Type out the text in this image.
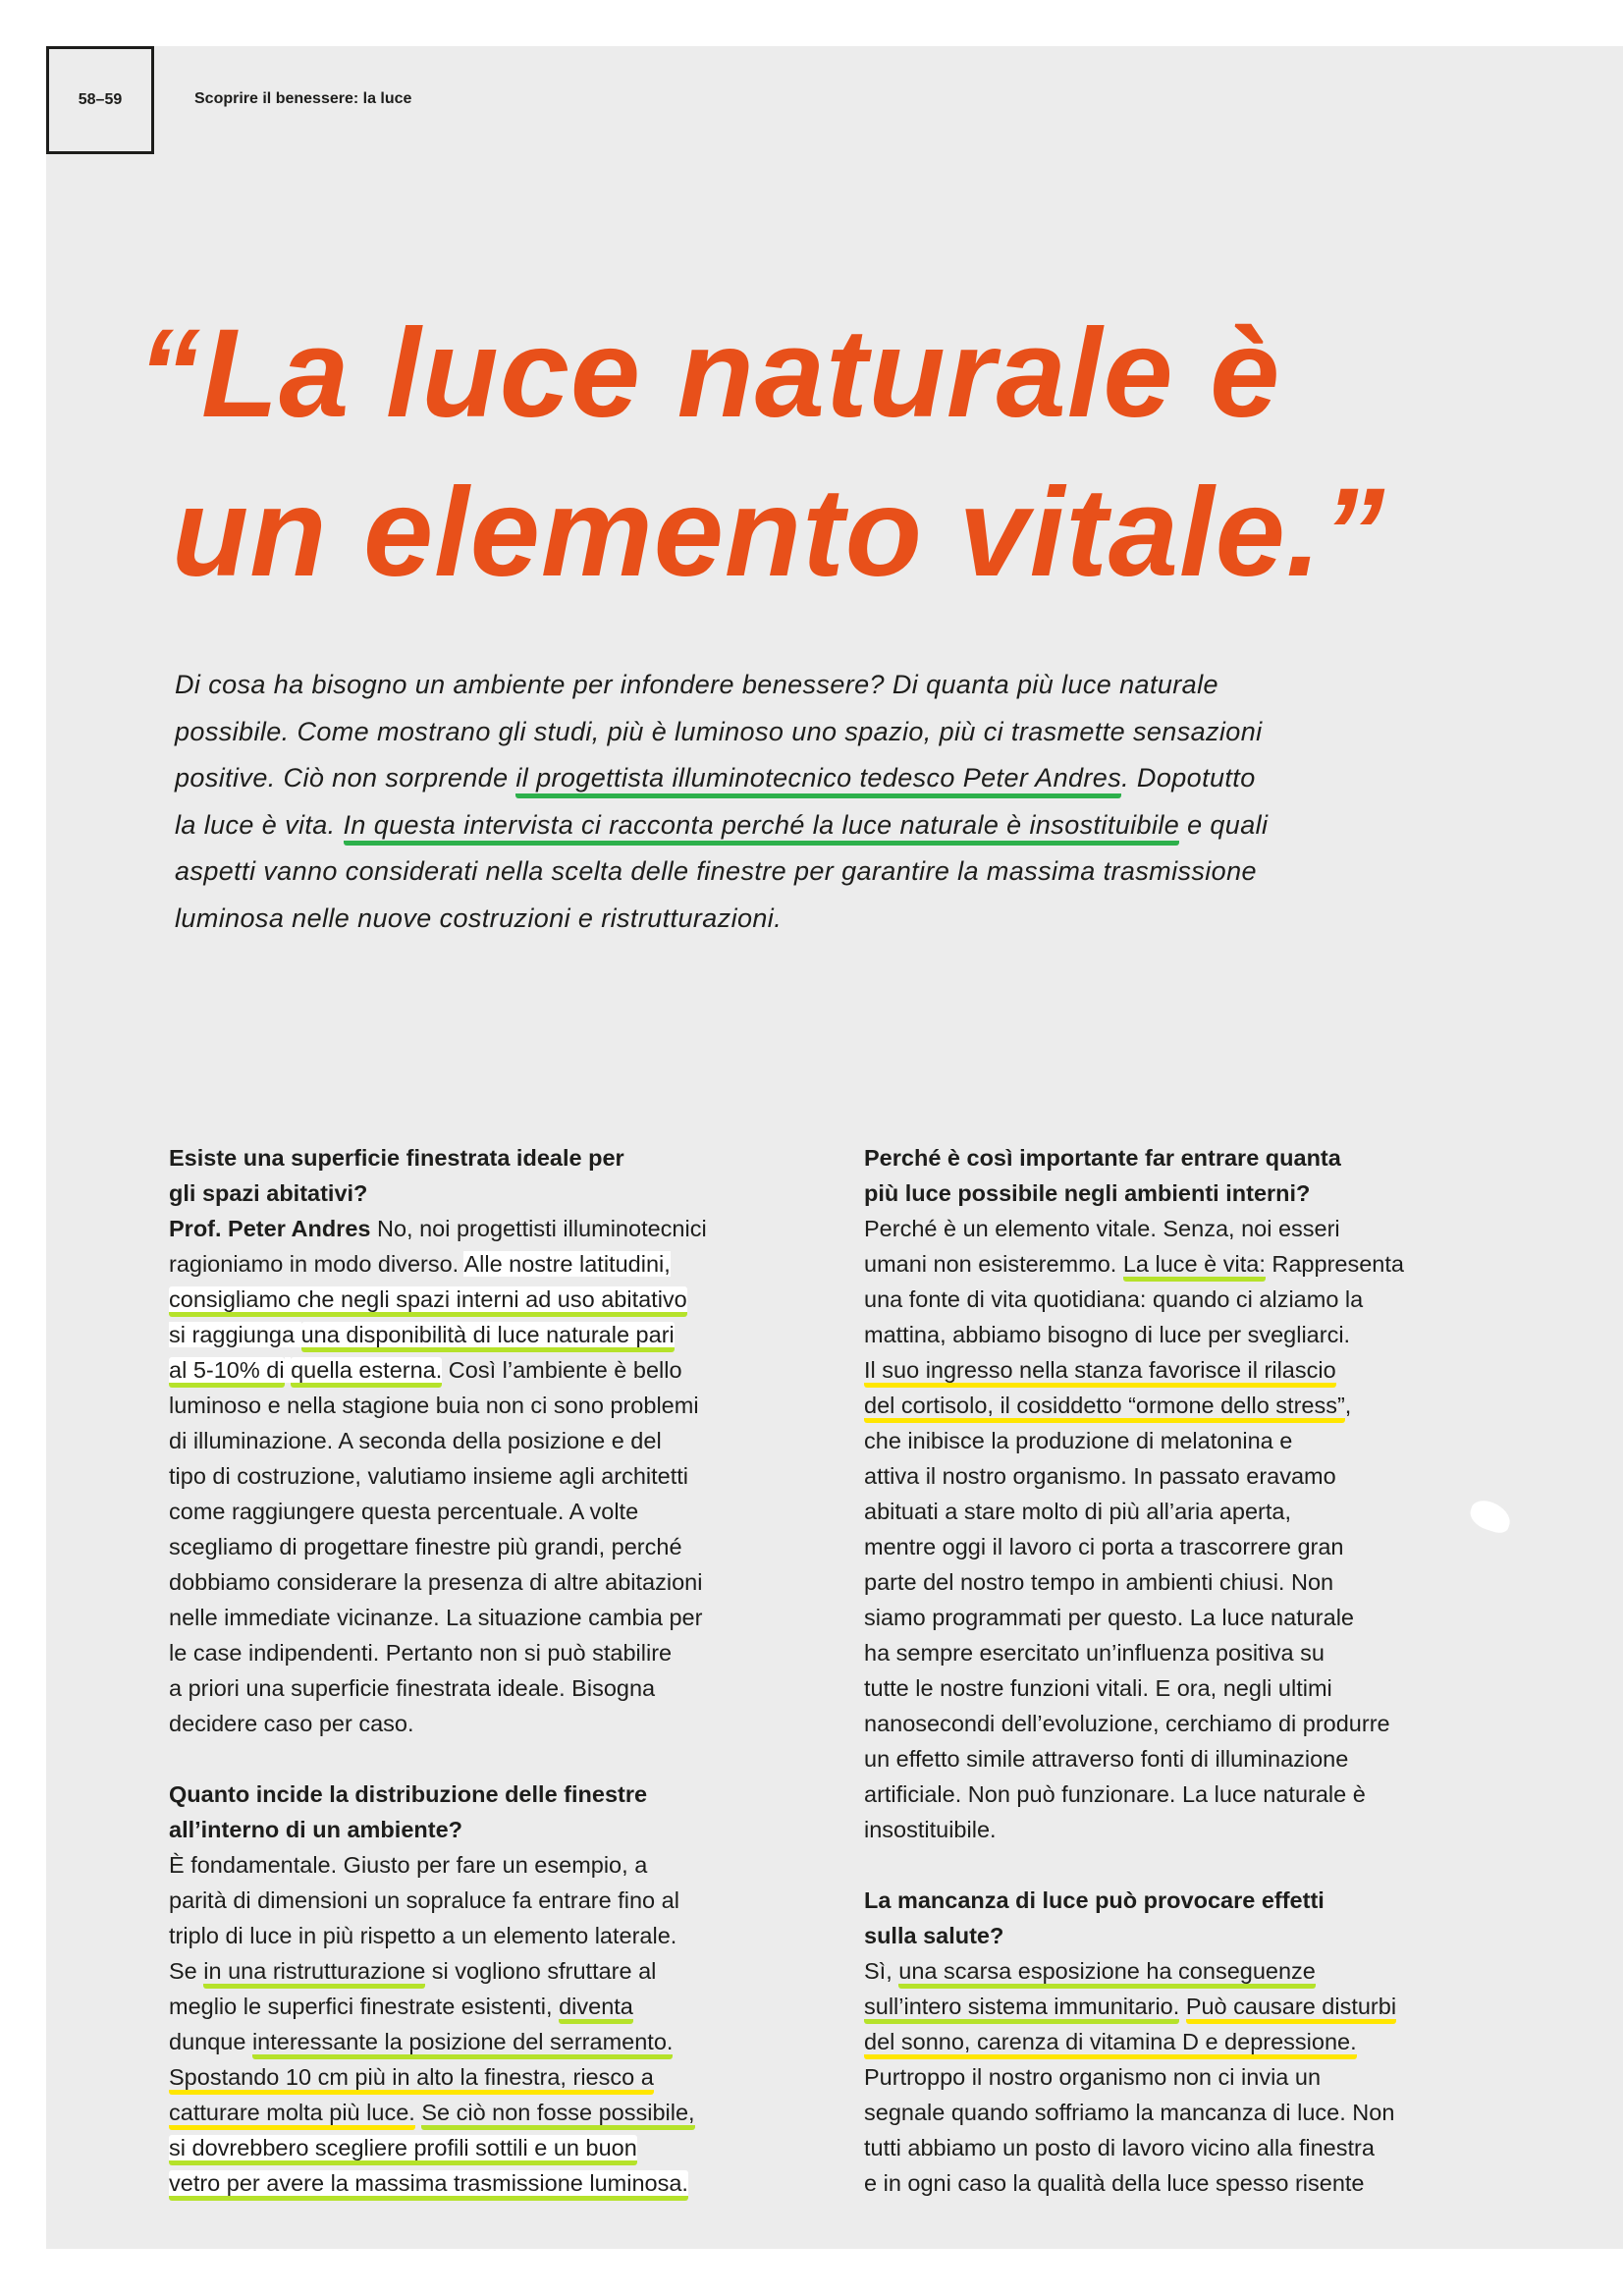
58–59	Scoprire il benessere: la luce
“La luce naturale è
un elemento vitale.”
Di cosa ha bisogno un ambiente per infondere benessere? Di quanta più luce naturale
possibile. Come mostrano gli studi, più è luminoso uno spazio, più ci trasmette sensazioni
positive. Ciò non sorprende il progettista illuminotecnico tedesco Peter Andres. Dopotutto
la luce è vita. In questa intervista ci racconta perché la luce naturale è insostituibile e quali
aspetti vanno considerati nella scelta delle finestre per garantire la massima trasmissione
luminosa nelle nuove costruzioni e ristrutturazioni.
Esiste una superficie finestrata ideale per
gli spazi abitativi?
Prof. Peter Andres No, noi progettisti illuminotecnici
ragioniamo in modo diverso. Alle nostre latitudini,
consigliamo che negli spazi interni ad uso abitativo
si raggiunga una disponibilità di luce naturale pari
al 5-10% di quella esterna. Così l’ambiente è bello
luminoso e nella stagione buia non ci sono problemi
di illuminazione. A seconda della posizione e del
tipo di costruzione, valutiamo insieme agli architetti
come raggiungere questa percentuale. A volte
scegliamo di progettare finestre più grandi, perché
dobbiamo considerare la presenza di altre abitazioni
nelle immediate vicinanze. La situazione cambia per
le case indipendenti. Pertanto non si può stabilire
a priori una superficie finestrata ideale. Bisogna
decidere caso per caso.
Quanto incide la distribuzione delle finestre
all’interno di un ambiente?
È fondamentale. Giusto per fare un esempio, a
parità di dimensioni un sopraluce fa entrare fino al
triplo di luce in più rispetto a un elemento laterale.
Se in una ristrutturazione si vogliono sfruttare al
meglio le superfici finestrate esistenti, diventa
dunque interessante la posizione del serramento.
Spostando 10 cm più in alto la finestra, riesco a
catturare molta più luce. Se ciò non fosse possibile,
si dovrebbero scegliere profili sottili e un buon
vetro per avere la massima trasmissione luminosa.
Perché è così importante far entrare quanta
più luce possibile negli ambienti interni?
Perché è un elemento vitale. Senza, noi esseri
umani non esisteremmo. La luce è vita: Rappresenta
una fonte di vita quotidiana: quando ci alziamo la
mattina, abbiamo bisogno di luce per svegliarci.
Il suo ingresso nella stanza favorisce il rilascio
del cortisolo, il cosiddetto “ormone dello stress”,
che inibisce la produzione di melatonina e
attiva il nostro organismo. In passato eravamo
abituati a stare molto di più all’aria aperta,
mentre oggi il lavoro ci porta a trascorrere gran
parte del nostro tempo in ambienti chiusi. Non
siamo programmati per questo. La luce naturale
ha sempre esercitato un’influenza positiva su
tutte le nostre funzioni vitali. E ora, negli ultimi
nanosecondi dell’evoluzione, cerchiamo di produrre
un effetto simile attraverso fonti di illuminazione
artificiale. Non può funzionare. La luce naturale è
insostituibile.
La mancanza di luce può provocare effetti
sulla salute?
Sì, una scarsa esposizione ha conseguenze
sull’intero sistema immunitario. Può causare disturbi
del sonno, carenza di vitamina D e depressione.
Purtroppo il nostro organismo non ci invia un
segnale quando soffriamo la mancanza di luce. Non
tutti abbiamo un posto di lavoro vicino alla finestra
e in ogni caso la qualità della luce spesso risente
